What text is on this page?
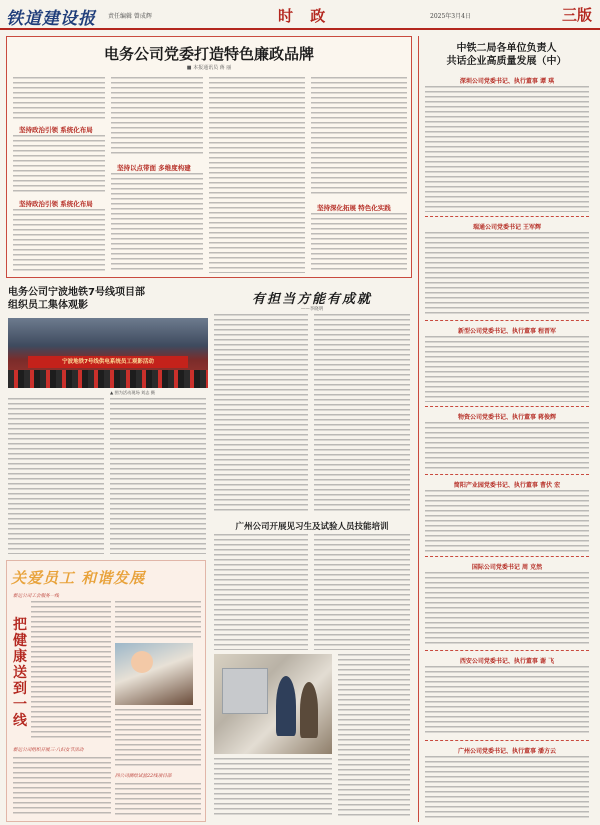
铁道建设报 责任编辑 曾成辉	时 政	2025年3月4日	三版
电务公司党委打造特色廉政品牌
■ 本报通讯员 蒋 丽
坚持政治引领 系统化布局
坚持政治引领 系统化布局
坚持以点带面 多维度构建
坚持深化拓展 特色化实践
中铁二局各单位负责人
共话企业高质量发展（中）
深圳公司党委书记、执行董事 谭 琪
瑞通公司党委书记 王军辉
新型公司党委书记、执行董事 程晋军
物资公司党委书记、执行董事 蒋俊辉
简阳产业园党委书记、执行董事 曹伏 宏
国际公司党委书记 周 克然
西安公司党委书记、执行董事 谢 飞
广州公司党委书记、执行董事 潘方云
电务公司宁波地铁7号线项目部
组织员工集体观影
宁波地铁7号线供电系统员工观影活动
▲ 图为活动现场 刘志 摄
有担当方能有成就
——李晓明
广州公司开展见习生及试验人员技能培训
关爱员工 和谐发展
新运公司工会服务一线
把健康送到一线
新运公司组织开展三·八妇女节活动
四公司测绘试验22线项目部
